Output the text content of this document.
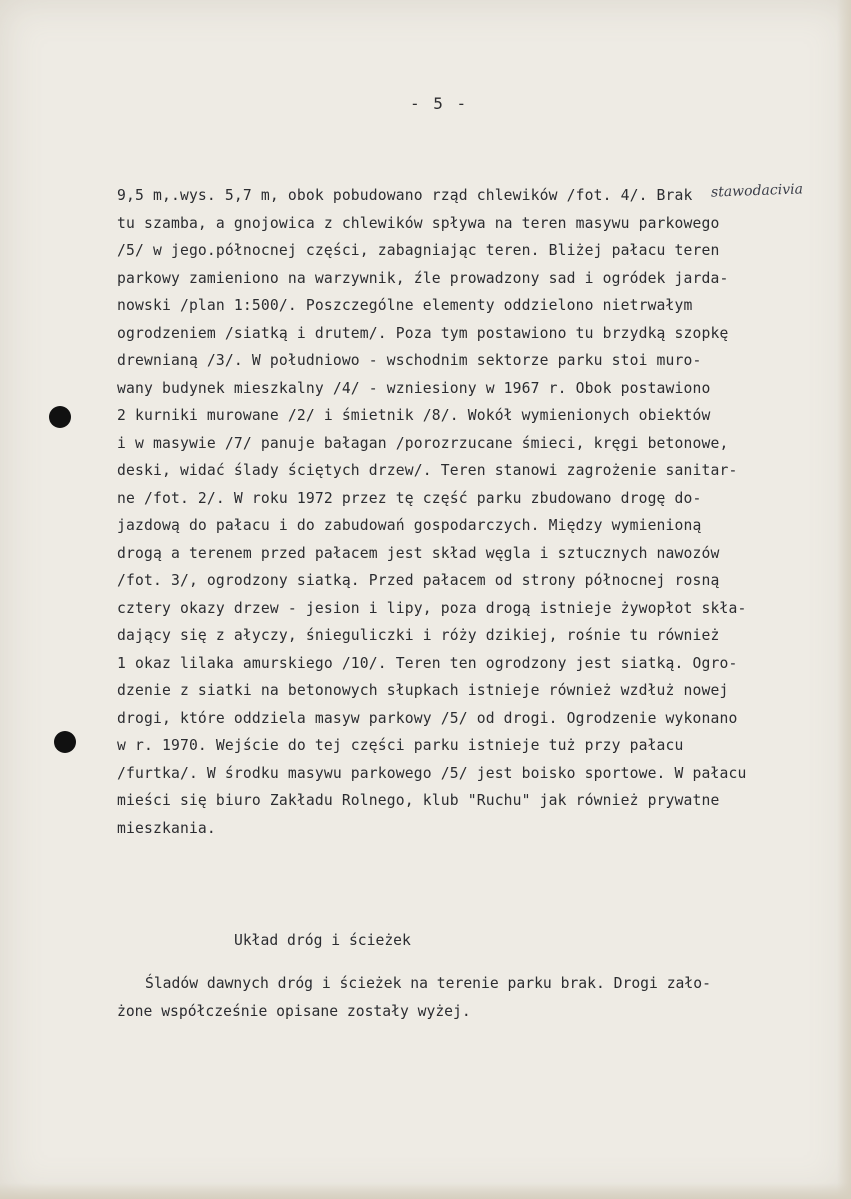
- 5 -
stawodacivia
9,5 m,.wys. 5,7 m, obok pobudowano rząd chlewików /fot. 4/. Brak
tu szamba, a gnojowica z chlewików spływa na teren masywu parkowego
/5/ w jego.północnej części, zabagniając teren. Bliżej pałacu teren
parkowy zamieniono na warzywnik, źle prowadzony sad i ogródek jarda-
nowski /plan 1:500/. Poszczególne elementy oddzielono nietrwałym
ogrodzeniem /siatką i drutem/. Poza tym postawiono tu brzydką szopkę
drewnianą /3/. W południowo - wschodnim sektorze parku stoi muro-
wany budynek mieszkalny /4/ - wzniesiony w 1967 r. Obok postawiono
2 kurniki murowane /2/ i śmietnik /8/. Wokół wymienionych obiektów
i w masywie /7/ panuje bałagan /porozrzucane śmieci, kręgi betonowe,
deski, widać ślady ściętych drzew/. Teren stanowi zagrożenie sanitar-
ne /fot. 2/. W roku 1972 przez tę część parku zbudowano drogę do-
jazdową do pałacu i do zabudowań gospodarczych. Między wymienioną
drogą a terenem przed pałacem jest skład węgla i sztucznych nawozów
/fot. 3/, ogrodzony siatką. Przed pałacem od strony północnej rosną
cztery okazy drzew - jesion i lipy, poza drogą istnieje żywopłot skła-
dający się z ałyczy, śnieguliczki i róży dzikiej, rośnie tu również
1 okaz lilaka amurskiego /10/. Teren ten ogrodzony jest siatką. Ogro-
dzenie z siatki na betonowych słupkach istnieje również wzdłuż nowej
drogi, które oddziela masyw parkowy /5/ od drogi. Ogrodzenie wykonano
w r. 1970. Wejście do tej części parku istnieje tuż przy pałacu
/furtka/. W środku masywu parkowego /5/ jest boisko sportowe. W pałacu
mieści się biuro Zakładu Rolnego, klub "Ruchu" jak również prywatne
mieszkania.
Układ dróg i ścieżek
Śladów dawnych dróg i ścieżek na terenie parku brak. Drogi zało-
żone współcześnie opisane zostały wyżej.
